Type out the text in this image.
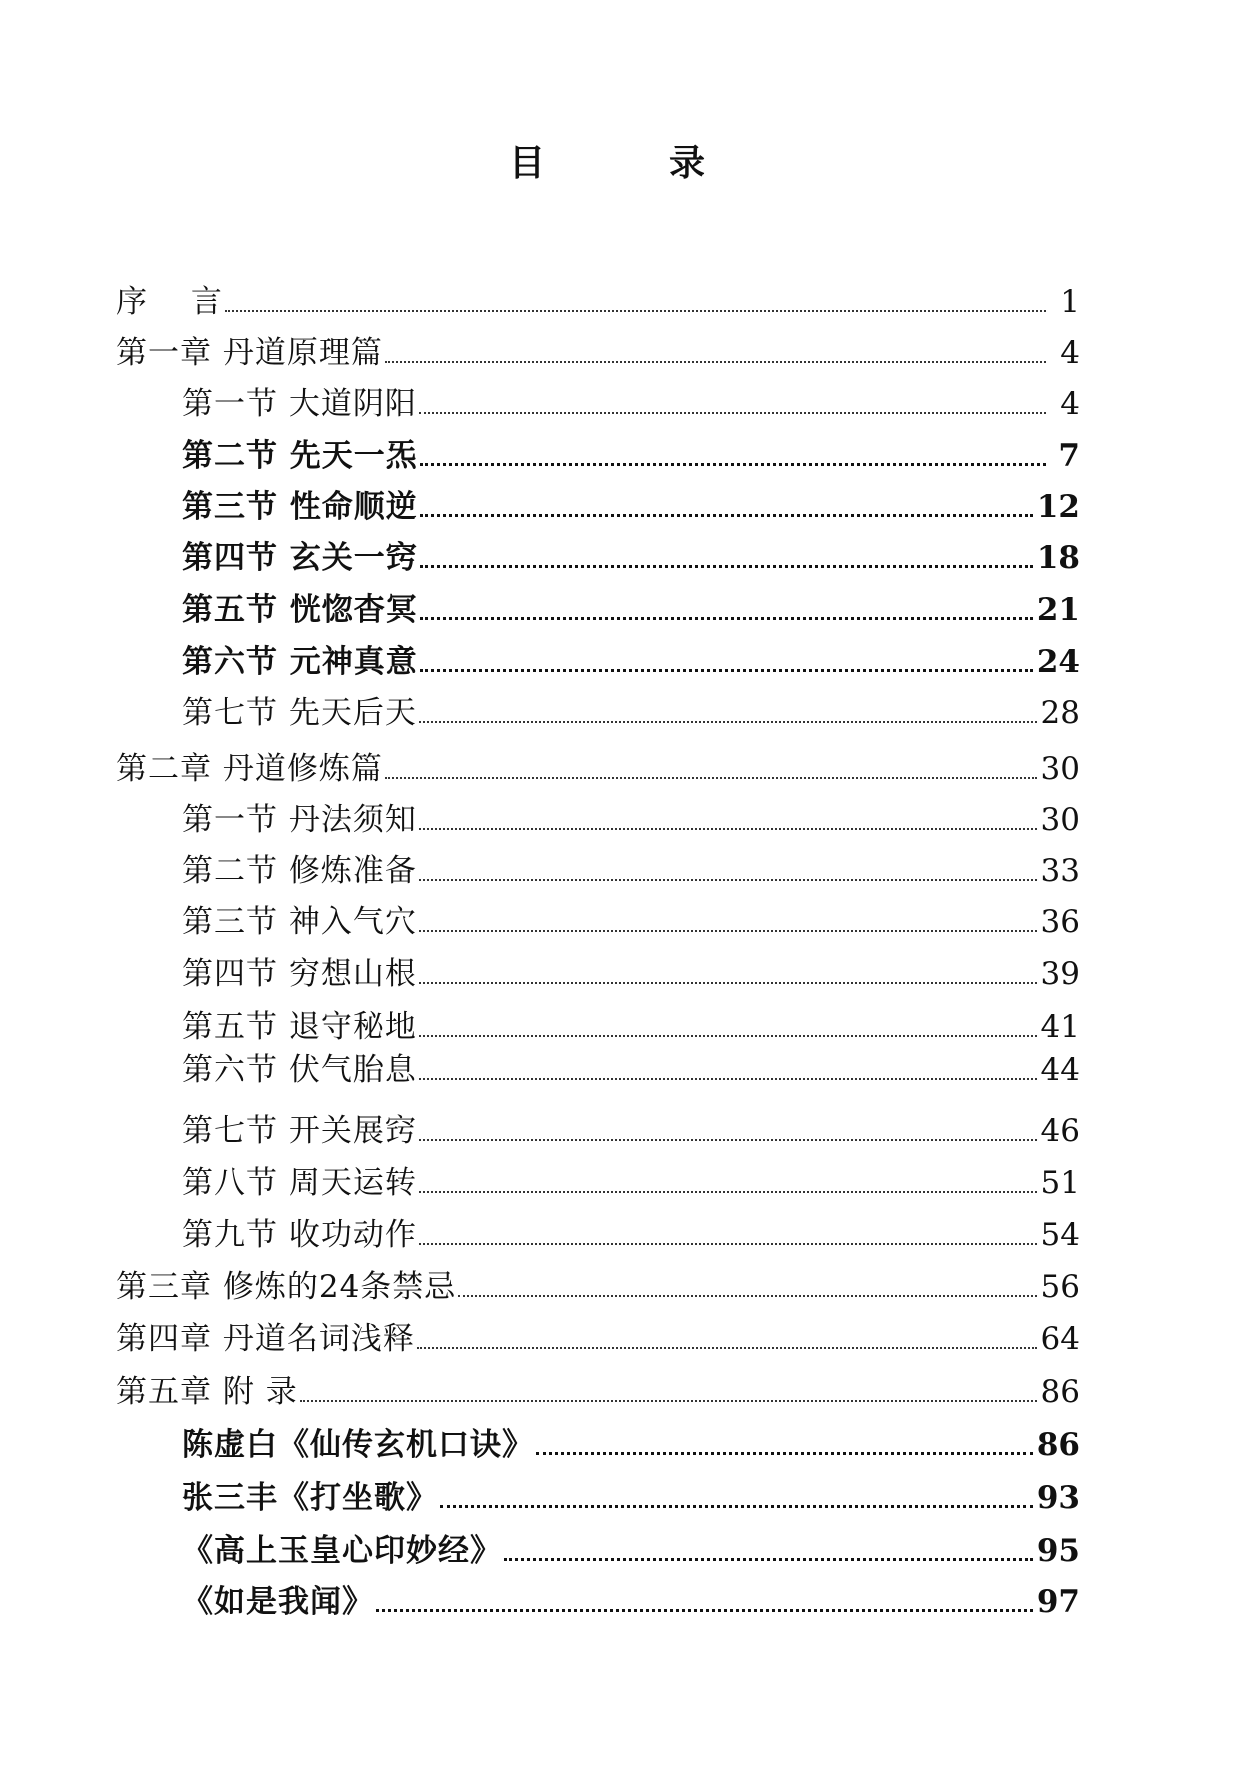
目　录
序　 言	1
第一章 丹道原理篇	4
第一节 大道阴阳	4
第二节 先天一炁	7
第三节 性命顺逆	12
第四节 玄关一窍	18
第五节 恍惚杳冥	21
第六节 元神真意	24
第七节 先天后天	28
第二章 丹道修炼篇	30
第一节 丹法须知	30
第二节 修炼准备	33
第三节 神入气穴	36
第四节 穷想山根	39
第五节 退守秘地	41
第六节 伏气胎息	44
第七节 开关展窍	46
第八节 周天运转	51
第九节 收功动作	54
第三章 修炼的24条禁忌	56
第四章 丹道名词浅释	64
第五章 附 录	86
陈虚白《仙传玄机口诀》	86
张三丰《打坐歌》	93
《高上玉皇心印妙经》	95
《如是我闻》	97
